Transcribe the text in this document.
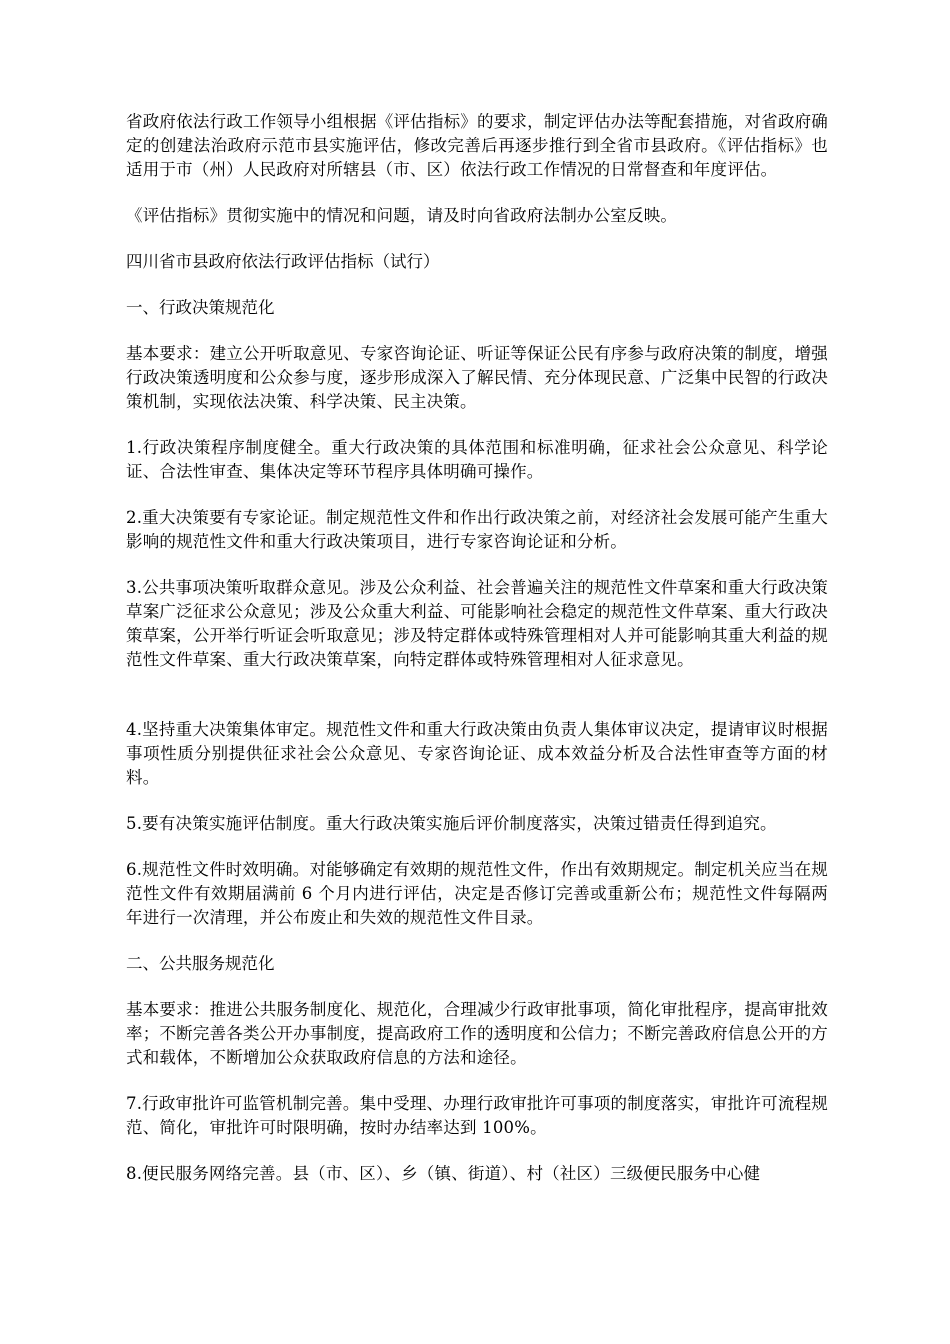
省政府依法行政工作领导小组根据《评估指标》的要求，制定评估办法等配套措施，对省政府确定的创建法治政府示范市县实施评估，修改完善后再逐步推行到全省市县政府。《评估指标》也适用于市（州）人民政府对所辖县（市、区）依法行政工作情况的日常督查和年度评估。

《评估指标》贯彻实施中的情况和问题，请及时向省政府法制办公室反映。

四川省市县政府依法行政评估指标（试行）

一、行政决策规范化

基本要求：建立公开听取意见、专家咨询论证、听证等保证公民有序参与政府决策的制度，增强行政决策透明度和公众参与度，逐步形成深入了解民情、充分体现民意、广泛集中民智的行政决策机制，实现依法决策、科学决策、民主决策。

1.行政决策程序制度健全。重大行政决策的具体范围和标准明确，征求社会公众意见、科学论证、合法性审查、集体决定等环节程序具体明确可操作。

2.重大决策要有专家论证。制定规范性文件和作出行政决策之前，对经济社会发展可能产生重大影响的规范性文件和重大行政决策项目，进行专家咨询论证和分析。

3.公共事项决策听取群众意见。涉及公众利益、社会普遍关注的规范性文件草案和重大行政决策草案广泛征求公众意见；涉及公众重大利益、可能影响社会稳定的规范性文件草案、重大行政决策草案，公开举行听证会听取意见；涉及特定群体或特殊管理相对人并可能影响其重大利益的规范性文件草案、重大行政决策草案，向特定群体或特殊管理相对人征求意见。

4.坚持重大决策集体审定。规范性文件和重大行政决策由负责人集体审议决定，提请审议时根据事项性质分别提供征求社会公众意见、专家咨询论证、成本效益分析及合法性审查等方面的材料。

5.要有决策实施评估制度。重大行政决策实施后评价制度落实，决策过错责任得到追究。

6.规范性文件时效明确。对能够确定有效期的规范性文件，作出有效期规定。制定机关应当在规范性文件有效期届满前 6 个月内进行评估，决定是否修订完善或重新公布；规范性文件每隔两年进行一次清理，并公布废止和失效的规范性文件目录。

二、公共服务规范化

基本要求：推进公共服务制度化、规范化，合理减少行政审批事项，简化审批程序，提高审批效率；不断完善各类公开办事制度，提高政府工作的透明度和公信力；不断完善政府信息公开的方式和载体，不断增加公众获取政府信息的方法和途径。

7.行政审批许可监管机制完善。集中受理、办理行政审批许可事项的制度落实，审批许可流程规范、简化，审批许可时限明确，按时办结率达到 100%。

8.便民服务网络完善。县（市、区）、乡（镇、街道）、村（社区）三级便民服务中心健
